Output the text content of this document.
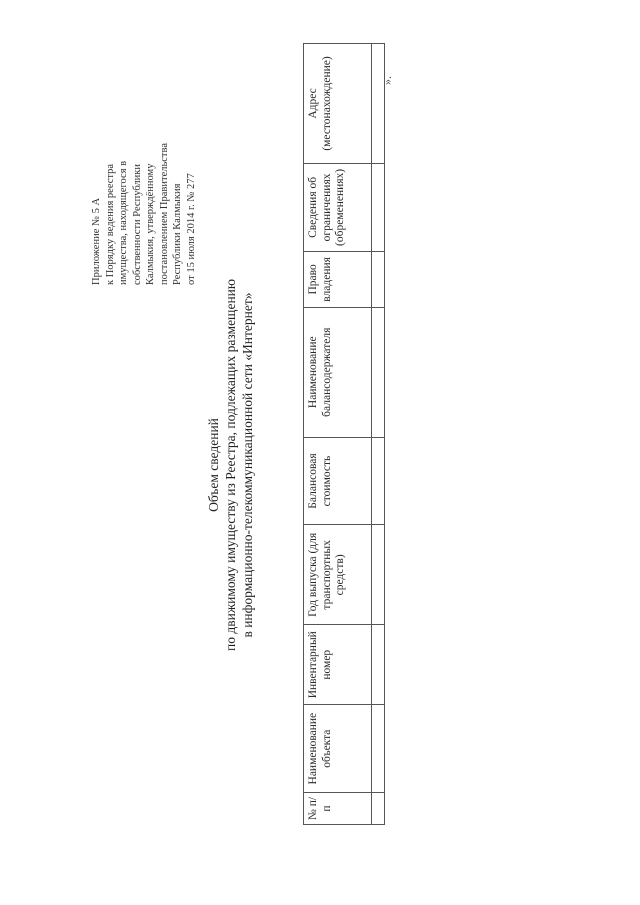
Приложение № 5 А к Порядку ведения реестра имущества, находящегося в собственности Республики Калмыкия, утверждённому постановлением Правительства Республики Калмыкия от 15 июля 2014 г. № 277
Объем сведений по движимому имуществу из Реестра, подлежащих размещению в информационно-телекоммуникационной сети «Интернет»
№ п/п	Наименование объекта	Инвентарный номер	Год выпуска (для транспортных средств)	Балансовая стоимость	Наименование балансодержателя	Право владения	Сведения об ограничениях (обременениях)	Адрес (местонахождение)
									».
